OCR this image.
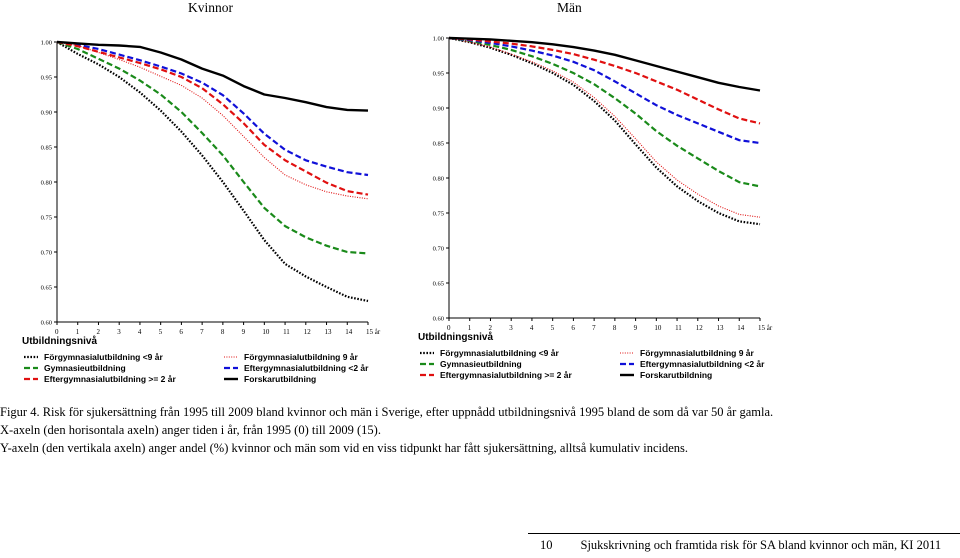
Kvinnor	Män
0.60
0.65
0.70
0.75
0.80
0.85
0.90
0.95
1.00
0 1 2 3 4 5 6 7 8 9 10 11 12 13 14 15 år
Utbildningsnivå
Förgymnasialutbildning <9 år
Gymnasieutbildning
Eftergymnasialutbildning >= 2 år
Förgymnasialutbildning 9 år
Eftergymnasialutbildning <2 år
Forskarutbildning
0.60
0.65
0.70
0.75
0.80
0.85
0.90
0.95
1.00
0 1 2 3 4 5 6 7 8 9 10 11 12 13 14 15 år
Utbildningsnivå
Förgymnasialutbildning <9 år
Gymnasieutbildning
Eftergymnasialutbildning >= 2 år
Förgymnasialutbildning 9 år
Eftergymnasialutbildning <2 år
Forskarutbildning

Figur 4. Risk för sjukersättning från 1995 till 2009 bland kvinnor och män i Sverige, efter uppnådd utbildningsnivå 1995 bland de som då var 50 år gamla.

X-axeln (den horisontala axeln) anger tiden i år, från 1995 (0) till 2009 (15).

Y-axeln (den vertikala axeln) anger andel (%) kvinnor och män som vid en viss tidpunkt har fått sjukersättning, alltså kumulativ incidens.

10 Sjukskrivning och framtida risk för SA bland kvinnor och män, KI 2011
